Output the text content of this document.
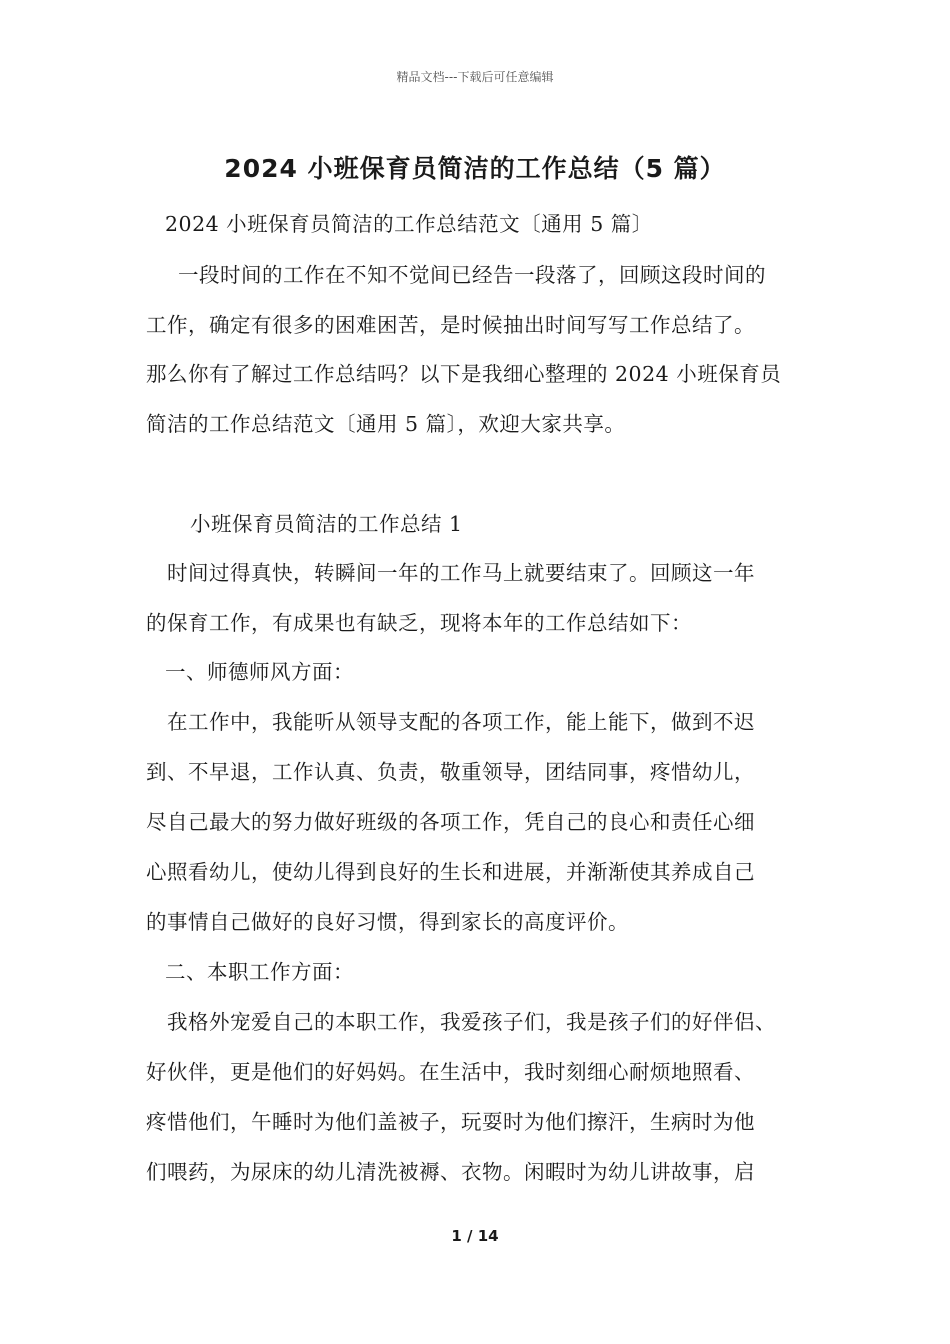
精品文档---下载后可任意编辑
2024 小班保育员简洁的工作总结（5 篇）
2024 小班保育员简洁的工作总结范文〔通用 5 篇〕
一段时间的工作在不知不觉间已经告一段落了，回顾这段时间的
工作，确定有很多的困难困苦，是时候抽出时间写写工作总结了。
那么你有了解过工作总结吗？以下是我细心整理的 2024 小班保育员
简洁的工作总结范文〔通用 5 篇〕，欢迎大家共享。
小班保育员简洁的工作总结 1
时间过得真快，转瞬间一年的工作马上就要结束了。回顾这一年
的保育工作，有成果也有缺乏，现将本年的工作总结如下：
一、师德师风方面：
在工作中，我能听从领导支配的各项工作，能上能下，做到不迟
到、不早退，工作认真、负责，敬重领导，团结同事，疼惜幼儿，
尽自己最大的努力做好班级的各项工作，凭自己的良心和责任心细
心照看幼儿，使幼儿得到良好的生长和进展，并渐渐使其养成自己
的事情自己做好的良好习惯，得到家长的高度评价。
二、本职工作方面：
我格外宠爱自己的本职工作，我爱孩子们，我是孩子们的好伴侣、
好伙伴，更是他们的好妈妈。在生活中，我时刻细心耐烦地照看、
疼惜他们，午睡时为他们盖被子，玩耍时为他们擦汗，生病时为他
们喂药，为尿床的幼儿清洗被褥、衣物。闲暇时为幼儿讲故事，启
1 / 14
